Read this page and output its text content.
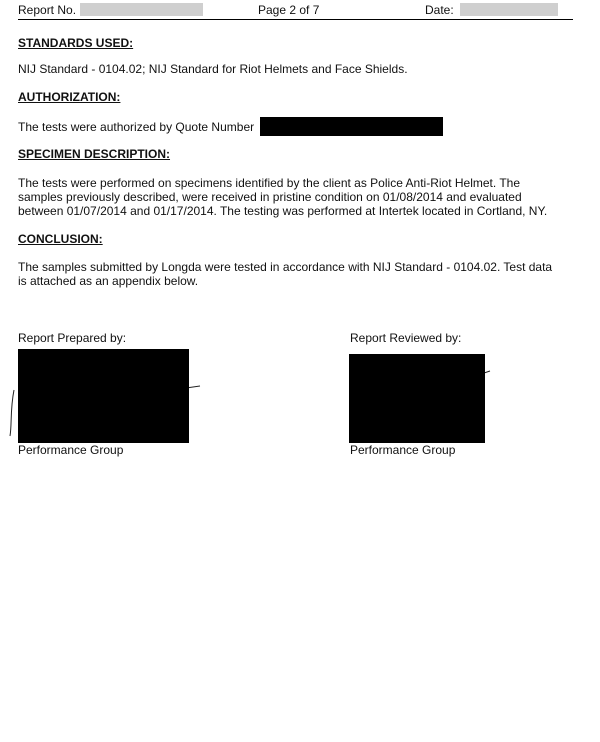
Report No.	Page 2 of 7	Date:
STANDARDS USED:
NIJ Standard - 0104.02; NIJ Standard for Riot Helmets and Face Shields.
AUTHORIZATION:
The tests were authorized by Quote Number
SPECIMEN DESCRIPTION:
The tests were performed on specimens identified by the client as Police Anti-Riot Helmet. The
samples previously described, were received in pristine condition on 01/08/2014 and evaluated
between 01/07/2014 and 01/17/2014. The testing was performed at Intertek located in Cortland, NY.
CONCLUSION:
The samples submitted by Longda were tested in accordance with NIJ Standard - 0104.02. Test data
is attached as an appendix below.
Report Prepared by:
Performance Group
Report Reviewed by:
Performance Group
